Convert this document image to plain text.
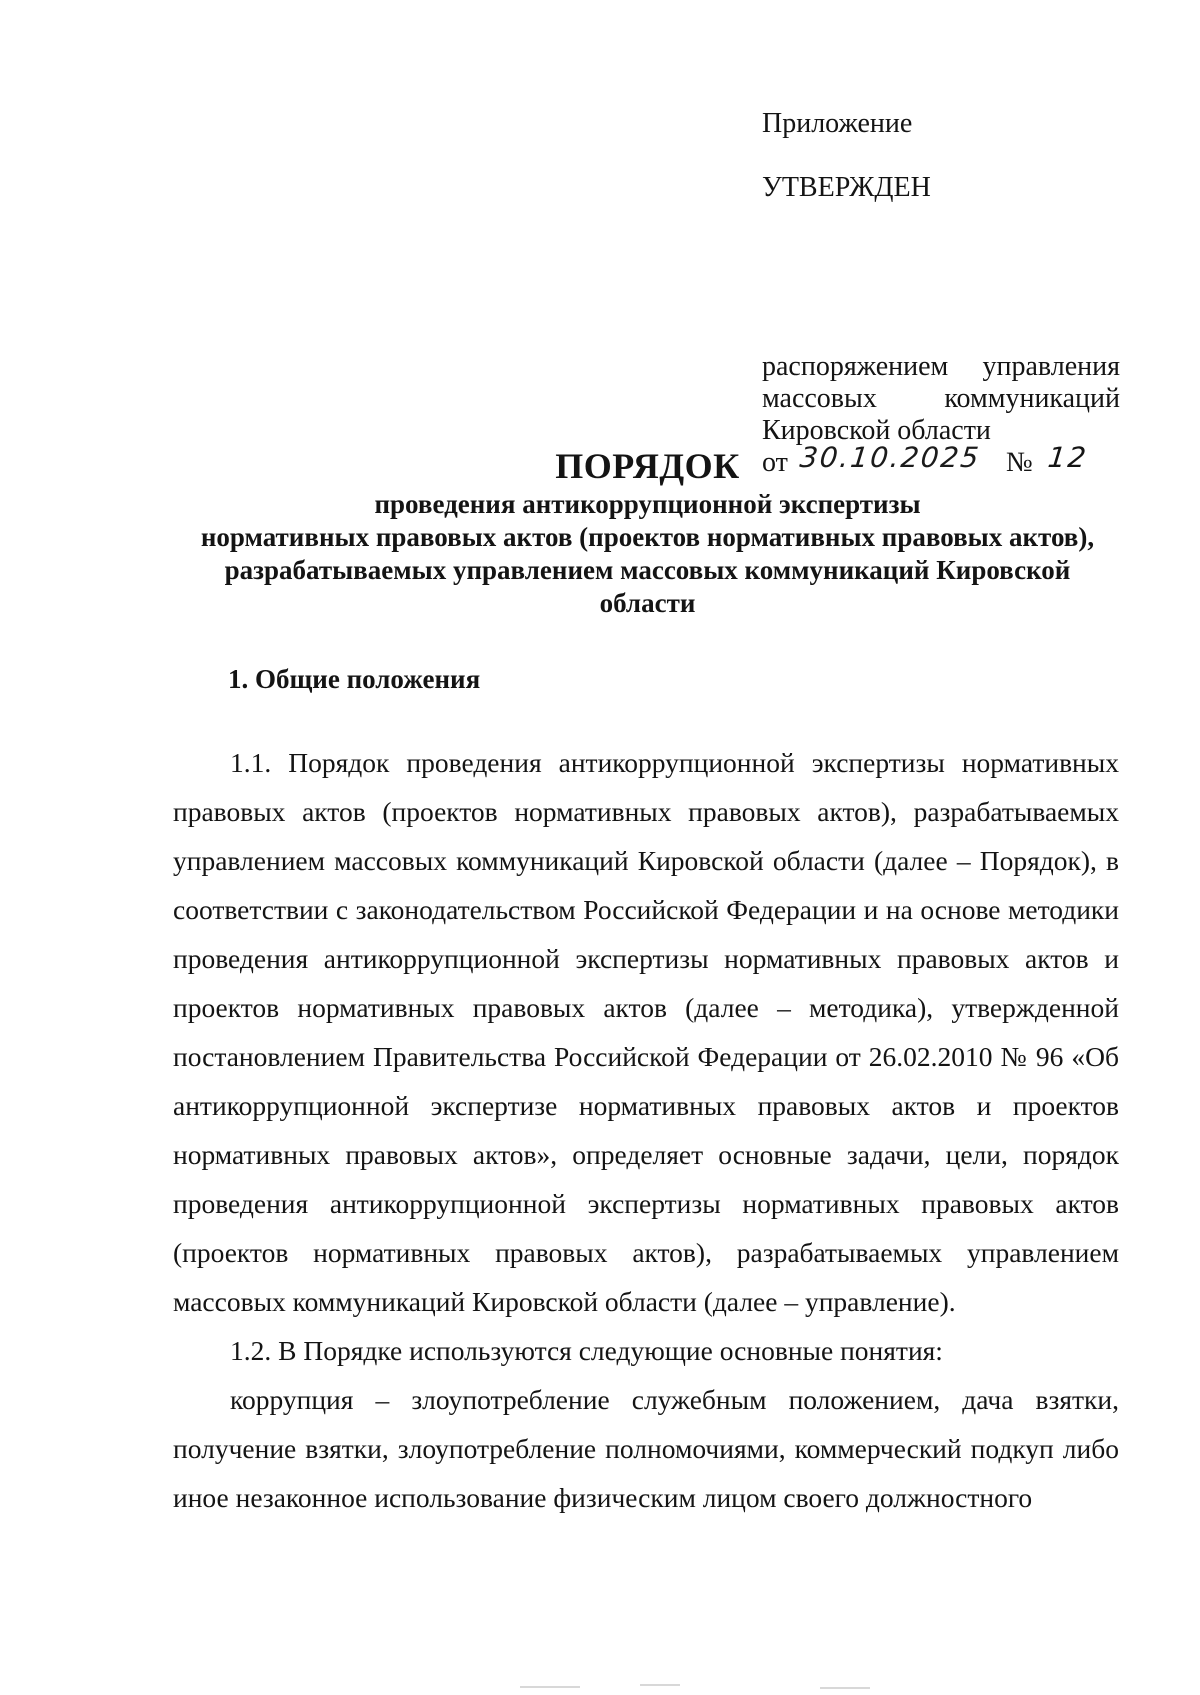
Приложение
УТВЕРЖДЕН
распоряжением управления
массовых коммуникаций
Кировской области
от 30.10.2025 № 12
ПОРЯДОК
проведения антикоррупционной экспертизы
нормативных правовых актов (проектов нормативных правовых актов),
разрабатываемых управлением массовых коммуникаций Кировской
области
1. Общие положения

1.1. Порядок проведения антикоррупционной экспертизы нормативных правовых актов (проектов нормативных правовых актов), разрабатываемых управлением массовых коммуникаций Кировской области (далее – Порядок), в соответствии с законодательством Российской Федерации и на основе методики проведения антикоррупционной экспертизы нормативных правовых актов и проектов нормативных правовых актов (далее – методика), утвержденной постановлением Правительства Российской Федерации от 26.02.2010 № 96 «Об антикоррупционной экспертизе нормативных правовых актов и проектов нормативных правовых актов», определяет основные задачи, цели, порядок проведения антикоррупционной экспертизы нормативных правовых актов (проектов нормативных правовых актов), разрабатываемых управлением массовых коммуникаций Кировской области (далее – управление).

1.2. В Порядке используются следующие основные понятия:

коррупция – злоупотребление служебным положением, дача взятки, получение взятки, злоупотребление полномочиями, коммерческий подкуп либо иное незаконное использование физическим лицом своего должностного
